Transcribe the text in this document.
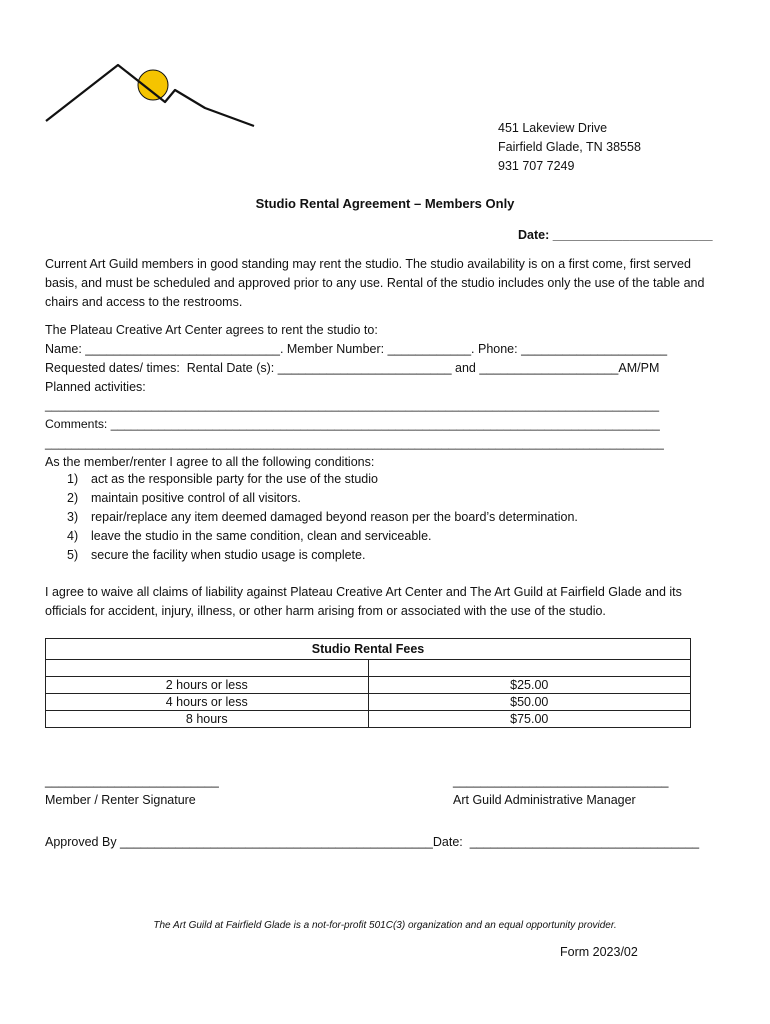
451 Lakeview Drive
Fairfield Glade, TN 38558
931 707 7249
Studio Rental Agreement – Members Only
Date: _______________________
Current Art Guild members in good standing may rent the studio. The studio availability is on a first come, first served
basis, and must be scheduled and approved prior to any use. Rental of the studio includes only the use of the table and
chairs and access to the restrooms.
The Plateau Creative Art Center agrees to rent the studio to:
Name: ____________________________. Member Number: ____________. Phone: _____________________
Requested dates/ times:  Rental Date (s): _________________________ and ____________________AM/PM
Planned activities:
____________________________________________________________________________________________
Comments: _________________________________________________________________________________
____________________________________________________________________________________________
As the member/renter I agree to all the following conditions:
1) act as the responsible party for the use of the studio
2) maintain positive control of all visitors.
3) repair/replace any item deemed damaged beyond reason per the board’s determination.
4) leave the studio in the same condition, clean and serviceable.
5) secure the facility when studio usage is complete.
I agree to waive all claims of liability against Plateau Creative Art Center and The Art Guild at Fairfield Glade and its
officials for accident, injury, illness, or other harm arising from or associated with the use of the studio.
Studio Rental Fees	

2 hours or less	$25.00
4 hours or less	$50.00
8 hours	$75.00
_________________________
Member / Renter Signature
_______________________________
Art Guild Administrative Manager
Approved By _____________________________________________Date:  _________________________________
The Art Guild at Fairfield Glade is a not-for-profit 501C(3) organization and an equal opportunity provider.
Form 2023/02
